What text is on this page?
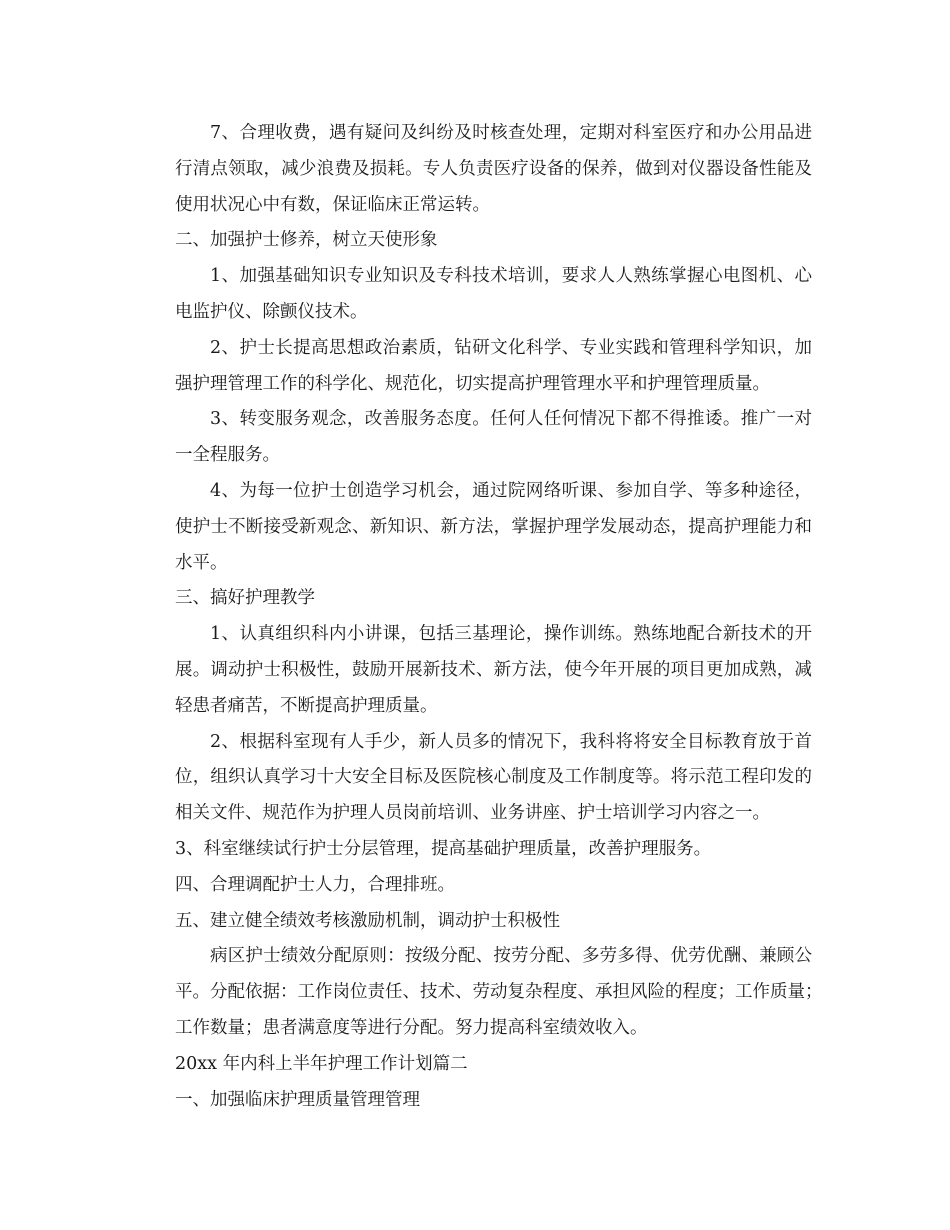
7、合理收费，遇有疑问及纠纷及时核查处理，定期对科室医疗和办公用品进
行清点领取，减少浪费及损耗。专人负责医疗设备的保养，做到对仪器设备性能及
使用状况心中有数，保证临床正常运转。
二、加强护士修养，树立天使形象
1、加强基础知识专业知识及专科技术培训，要求人人熟练掌握心电图机、心
电监护仪、除颤仪技术。
2、护士长提高思想政治素质，钻研文化科学、专业实践和管理科学知识，加
强护理管理工作的科学化、规范化，切实提高护理管理水平和护理管理质量。
3、转变服务观念，改善服务态度。任何人任何情况下都不得推诿。推广一对
一全程服务。
4、为每一位护士创造学习机会，通过院网络听课、参加自学、等多种途径，
使护士不断接受新观念、新知识、新方法，掌握护理学发展动态，提高护理能力和
水平。
三、搞好护理教学
1、认真组织科内小讲课，包括三基理论，操作训练。熟练地配合新技术的开
展。调动护士积极性，鼓励开展新技术、新方法，使今年开展的项目更加成熟，减
轻患者痛苦，不断提高护理质量。
2、根据科室现有人手少，新人员多的情况下，我科将将安全目标教育放于首
位，组织认真学习十大安全目标及医院核心制度及工作制度等。将示范工程印发的
相关文件、规范作为护理人员岗前培训、业务讲座、护士培训学习内容之一。
3、科室继续试行护士分层管理，提高基础护理质量，改善护理服务。
四、合理调配护士人力，合理排班。
五、建立健全绩效考核激励机制，调动护士积极性
病区护士绩效分配原则：按级分配、按劳分配、多劳多得、优劳优酬、兼顾公
平。分配依据：工作岗位责任、技术、劳动复杂程度、承担风险的程度；工作质量；
工作数量；患者满意度等进行分配。努力提高科室绩效收入。
20xx 年内科上半年护理工作计划篇二
一、加强临床护理质量管理管理
